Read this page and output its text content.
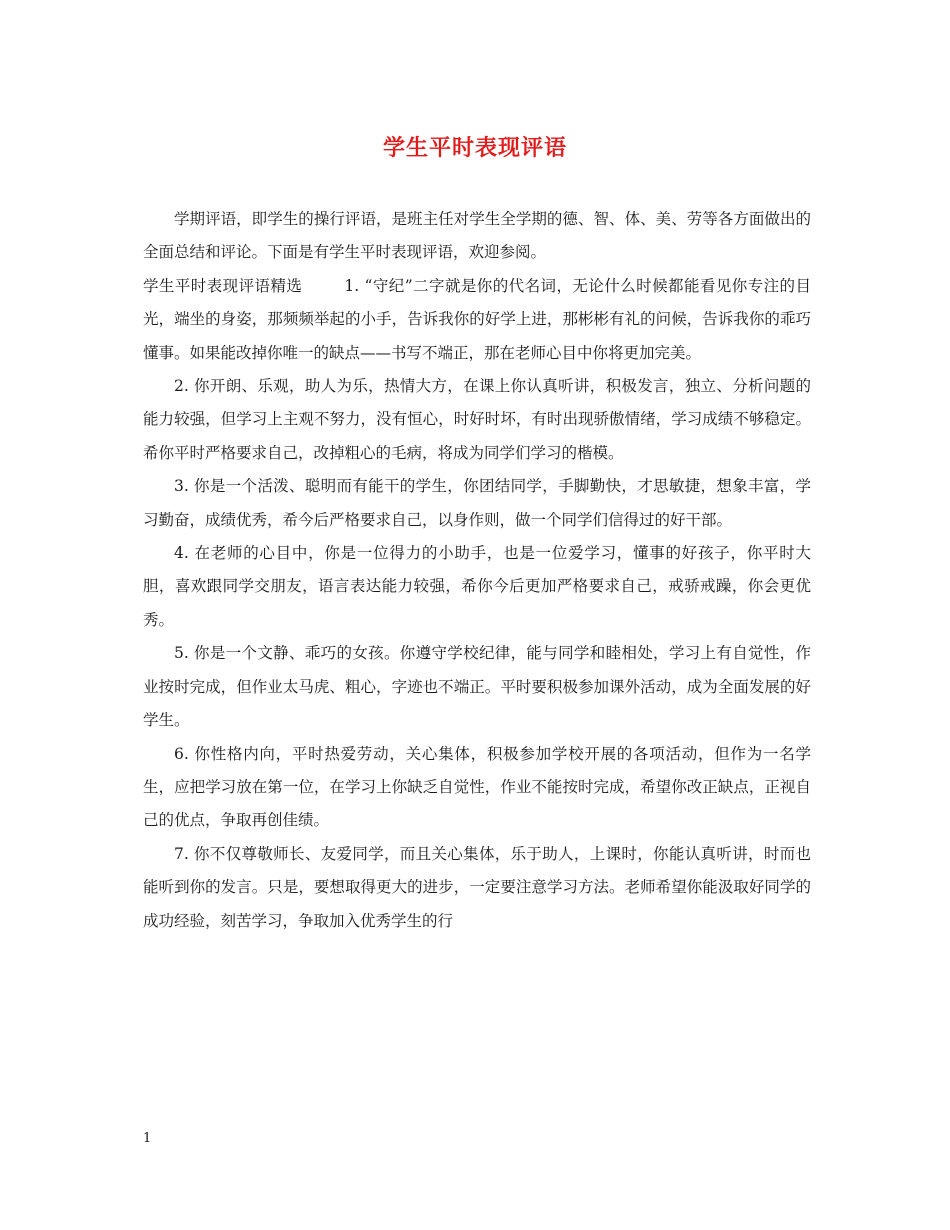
学生平时表现评语

学期评语，即学生的操行评语，是班主任对学生全学期的德、智、体、美、劳等各方面做出的全面总结和评论。下面是有学生平时表现评语，欢迎参阅。

学生平时表现评语精选	1. “守纪”二字就是你的代名词，无论什么时候都能看见你专注的目光，端坐的身姿，那频频举起的小手，告诉我你的好学上进，那彬彬有礼的问候，告诉我你的乖巧懂事。如果能改掉你唯一的缺点——书写不端正，那在老师心目中你将更加完美。

2. 你开朗、乐观，助人为乐，热情大方，在课上你认真听讲，积极发言，独立、分析问题的能力较强，但学习上主观不努力，没有恒心，时好时坏，有时出现骄傲情绪，学习成绩不够稳定。希你平时严格要求自己，改掉粗心的毛病，将成为同学们学习的楷模。

3. 你是一个活泼、聪明而有能干的学生，你团结同学，手脚勤快，才思敏捷，想象丰富，学习勤奋，成绩优秀，希今后严格要求自己，以身作则，做一个同学们信得过的好干部。

4. 在老师的心目中，你是一位得力的小助手，也是一位爱学习，懂事的好孩子，你平时大胆，喜欢跟同学交朋友，语言表达能力较强，希你今后更加严格要求自己，戒骄戒躁，你会更优秀。

5. 你是一个文静、乖巧的女孩。你遵守学校纪律，能与同学和睦相处，学习上有自觉性，作业按时完成，但作业太马虎、粗心，字迹也不端正。平时要积极参加课外活动，成为全面发展的好学生。

6. 你性格内向，平时热爱劳动，关心集体，积极参加学校开展的各项活动，但作为一名学生，应把学习放在第一位，在学习上你缺乏自觉性，作业不能按时完成，希望你改正缺点，正视自己的优点，争取再创佳绩。

7. 你不仅尊敬师长、友爱同学，而且关心集体，乐于助人，上课时，你能认真听讲，时而也能听到你的发言。只是，要想取得更大的进步，一定要注意学习方法。老师希望你能汲取好同学的成功经验，刻苦学习，争取加入优秀学生的行

1
